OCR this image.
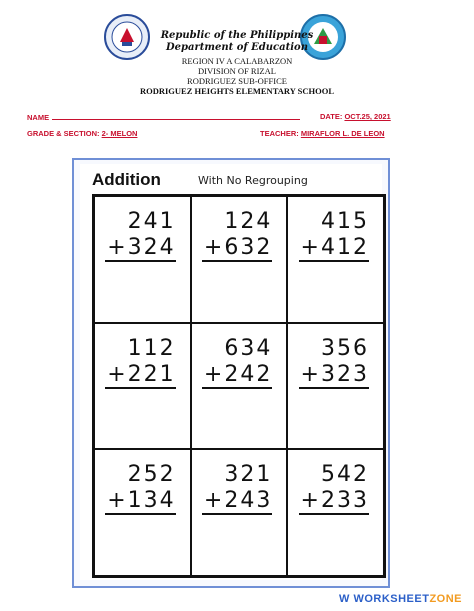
Republic of the Philippines
Department of Education
REGION IV A CALABARZON
DIVISION OF RIZAL
RODRIGUEZ SUB-OFFICE
RODRIGUEZ HEIGHTS ELEMENTARY SCHOOL
NAME	DATE: OCT.25, 2021
GRADE & SECTION: 2- MELON	TEACHER: MIRAFLOR L. DE LEON
Addition	With No Regrouping
241
+324
124
+632
415
+412
112
+221
634
+242
356
+323
252
+134
321
+243
542
+233
W WORKSHEETZONE
